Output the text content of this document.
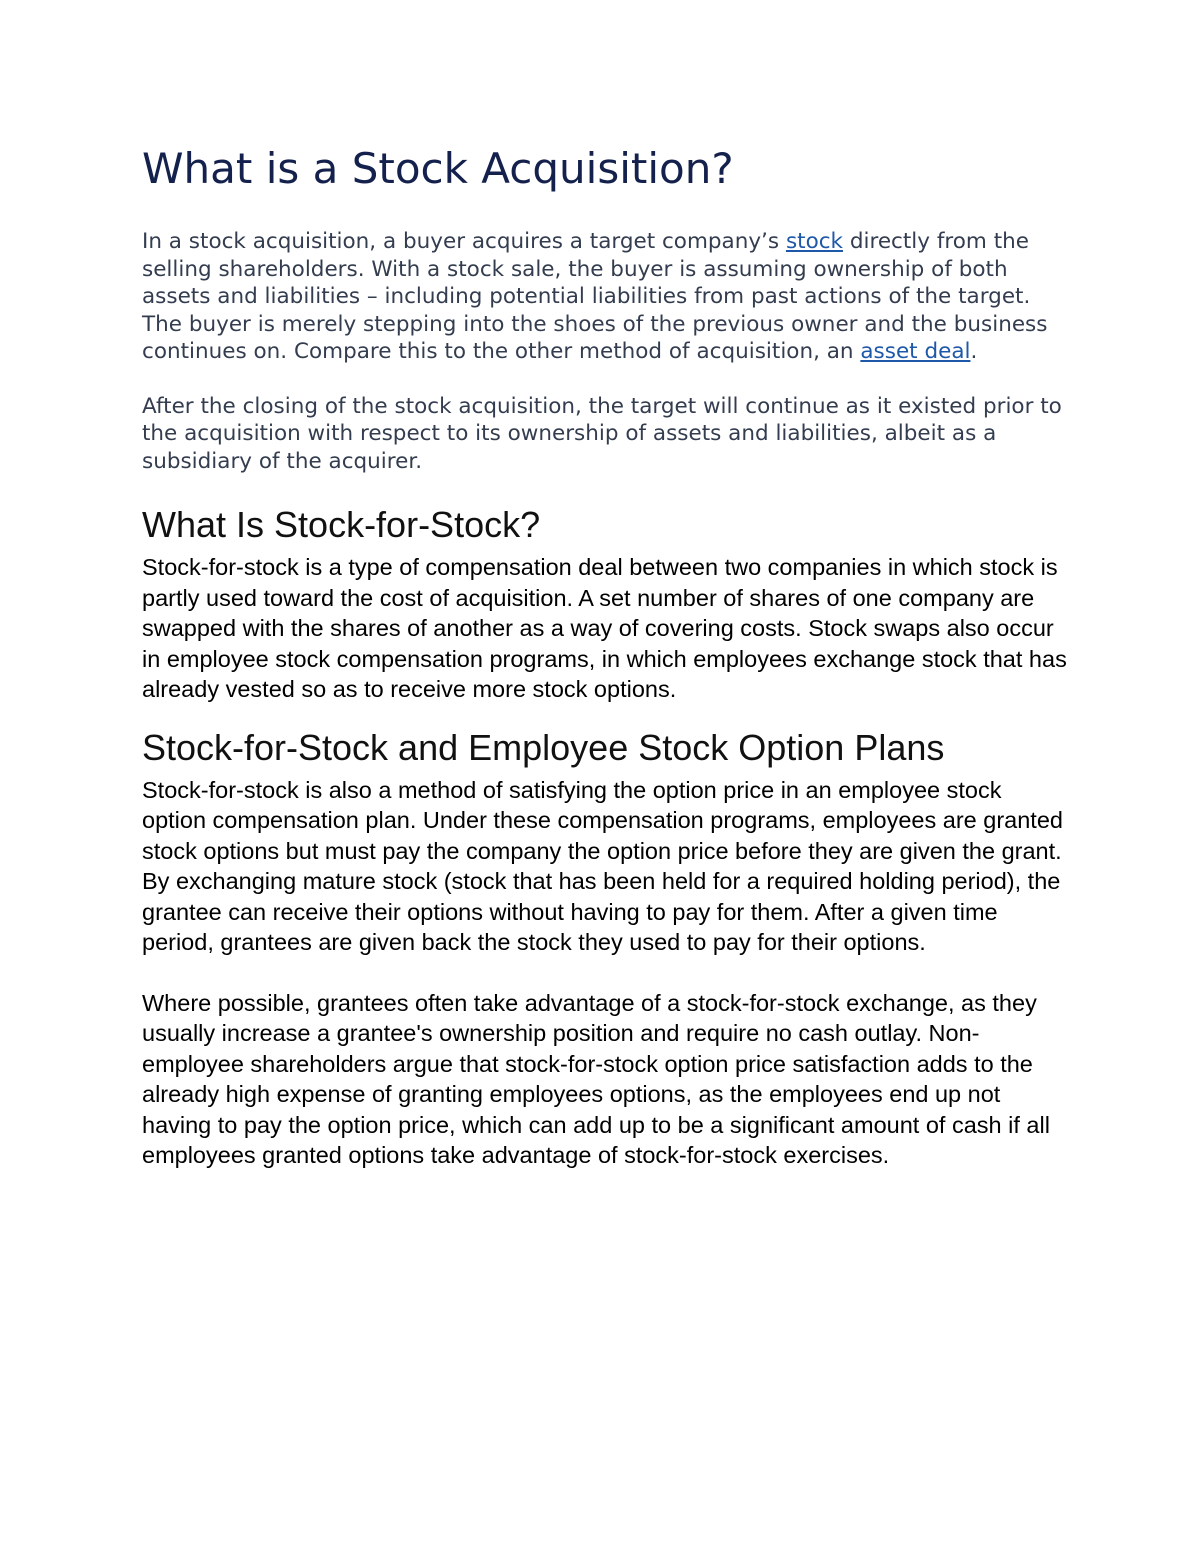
What is a Stock Acquisition?

In a stock acquisition, a buyer acquires a target company’s stock directly from the selling shareholders. With a stock sale, the buyer is assuming ownership of both assets and liabilities – including potential liabilities from past actions of the target. The buyer is merely stepping into the shoes of the previous owner and the business continues on. Compare this to the other method of acquisition, an asset deal.

After the closing of the stock acquisition, the target will continue as it existed prior to the acquisition with respect to its ownership of assets and liabilities, albeit as a subsidiary of the acquirer.

What Is Stock-for-Stock?

Stock-for-stock is a type of compensation deal between two companies in which stock is partly used toward the cost of acquisition. A set number of shares of one company are swapped with the shares of another as a way of covering costs. Stock swaps also occur in employee stock compensation programs, in which employees exchange stock that has already vested so as to receive more stock options.

Stock-for-Stock and Employee Stock Option Plans

Stock-for-stock is also a method of satisfying the option price in an employee stock option compensation plan. Under these compensation programs, employees are granted stock options but must pay the company the option price before they are given the grant. By exchanging mature stock (stock that has been held for a required holding period), the grantee can receive their options without having to pay for them. After a given time period, grantees are given back the stock they used to pay for their options.

Where possible, grantees often take advantage of a stock-for-stock exchange, as they usually increase a grantee's ownership position and require no cash outlay. Non-employee shareholders argue that stock-for-stock option price satisfaction adds to the already high expense of granting employees options, as the employees end up not having to pay the option price, which can add up to be a significant amount of cash if all employees granted options take advantage of stock-for-stock exercises.
